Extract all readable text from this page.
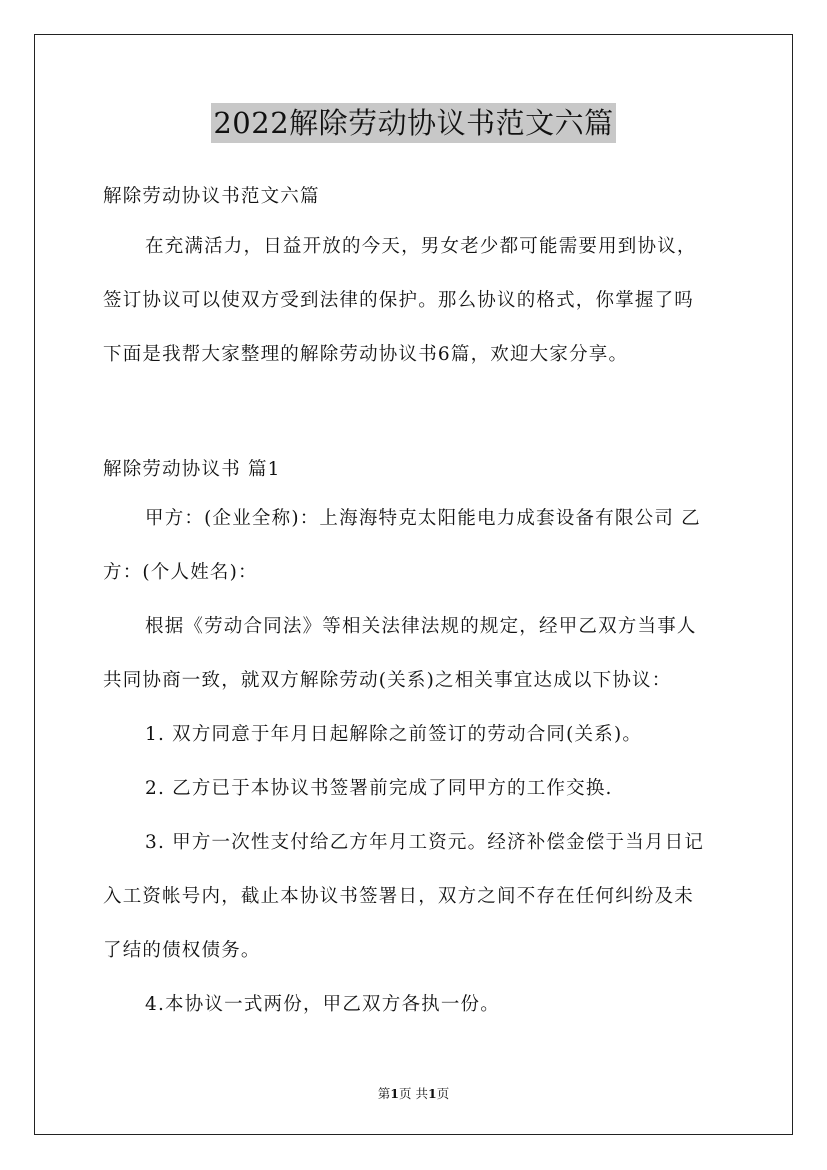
2022解除劳动协议书范文六篇
解除劳动协议书范文六篇
在充满活力，日益开放的今天，男女老少都可能需要用到协议，
签订协议可以使双方受到法律的保护。那么协议的格式，你掌握了吗
下面是我帮大家整理的解除劳动协议书6篇，欢迎大家分享。
解除劳动协议书 篇1
甲方：(企业全称)：上海海特克太阳能电力成套设备有限公司 乙
方：(个人姓名)：
根据《劳动合同法》等相关法律法规的规定，经甲乙双方当事人
共同协商一致，就双方解除劳动(关系)之相关事宜达成以下协议：
1. 双方同意于年月日起解除之前签订的劳动合同(关系)。
2. 乙方已于本协议书签署前完成了同甲方的工作交换.
3. 甲方一次性支付给乙方年月工资元。经济补偿金偿于当月日记
入工资帐号内，截止本协议书签署日，双方之间不存在任何纠纷及未
了结的债权债务。
4.本协议一式两份，甲乙双方各执一份。
第1页 共1页
